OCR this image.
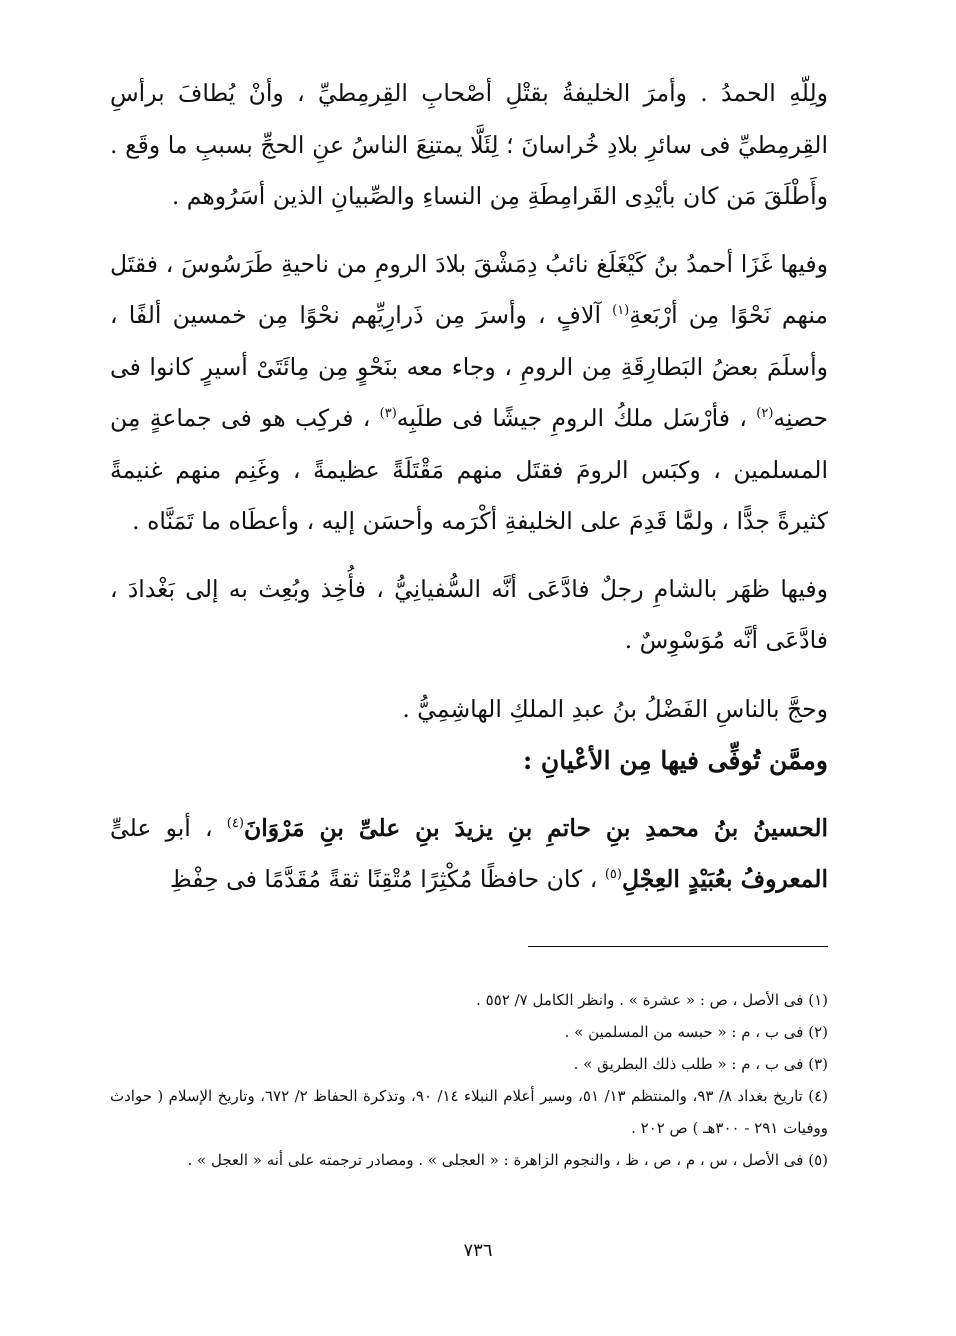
ولِلّهِ الحمدُ . وأمرَ الخليفةُ بقتْلِ أصْحابِ القِرمِطيِّ ، وأنْ يُطافَ برأسِ القِرمِطيِّ فى سائرِ بلادِ خُراسانَ ؛ لِئَلَّا يمتنِعَ الناسُ عنِ الحجِّ بسببِ ما وقَع . وأَطْلَقَ مَن كان بأيْدِى القَرامِطَةِ مِن النساءِ والصِّبيانِ الذين أسَرُوهم .

وفيها غَزَا أحمدُ بنُ كَيْغَلَغ نائبُ دِمَشْقَ بلادَ الرومِ من ناحيةِ طَرَسُوسَ ، فقتَل منهم نَحْوًا مِن أرْبَعةِ$^{(١)}$ آلافٍ ، وأسرَ مِن ذَرارِيِّهم نحْوًا مِن خمسين ألفًا ، وأسلَمَ بعضُ البَطارِقَةِ مِن الرومِ ، وجاء معه بنَحْوٍ مِن مِائَتَىْ أسيرٍ كانوا فى حصنِه$^{(٢)}$ ، فأرْسَل ملكُ الرومِ جيشًا فى طلَبِه$^{(٣)}$ ، فركِب هو فى جماعةٍ مِن المسلمين ، وكبَس الرومَ فقتَل منهم مَقْتَلَةً عظيمةً ، وغَنِم منهم غنيمةً كثيرةً جدًّا ، ولمَّا قَدِمَ على الخليفةِ أكْرَمه وأحسَن إليه ، وأعطَاه ما تَمَنَّاه .

وفيها ظهَر بالشامِ رجلٌ فادَّعَى أنَّه السُّفيانِيُّ ، فأُخِذ وبُعِث به إلى بَغْدادَ ، فادَّعَى أنَّه مُوَسْوِسٌ .

وحجَّ بالناسِ الفَضْلُ بنُ عبدِ الملكِ الهاشِمِيُّ .

وممَّن تُوفِّى فيها مِن الأعْيانِ :

الحسينُ بنُ محمدِ بنِ حاتمِ بنِ يزيدَ بنِ علىِّ بنِ مَرْوَانَ$^{(٤)}$ ، أبو علىٍّ المعروفُ بعُبَيْدٍ العِجْلِ$^{(٥)}$ ، كان حافظًا مُكْثِرًا مُتْقِنًا ثقةً مُقَدَّمًا فى حِفْظِ

(١) فى الأصل ، ص : « عشرة » . وانظر الكامل ٧/ ٥٥٢ .

(٢) فى ب ، م : « حبسه من المسلمين » .

(٣) فى ب ، م : « طلب ذلك البطريق » .

(٤) تاريخ بغداد ٨/ ٩٣، والمنتظم ١٣/ ٥١، وسير أعلام النبلاء ١٤/ ٩٠، وتذكرة الحفاظ ٢/ ٦٧٢، وتاريخ الإسلام ( حوادث ووفيات ٢٩١ - ٣٠٠هـ ) ص ٢٠٢ .

(٥) فى الأصل ، س ، م ، ص ، ظ ، والنجوم الزاهرة : « العجلى » . ومصادر ترجمته على أنه « العجل » .

٧٣٦
